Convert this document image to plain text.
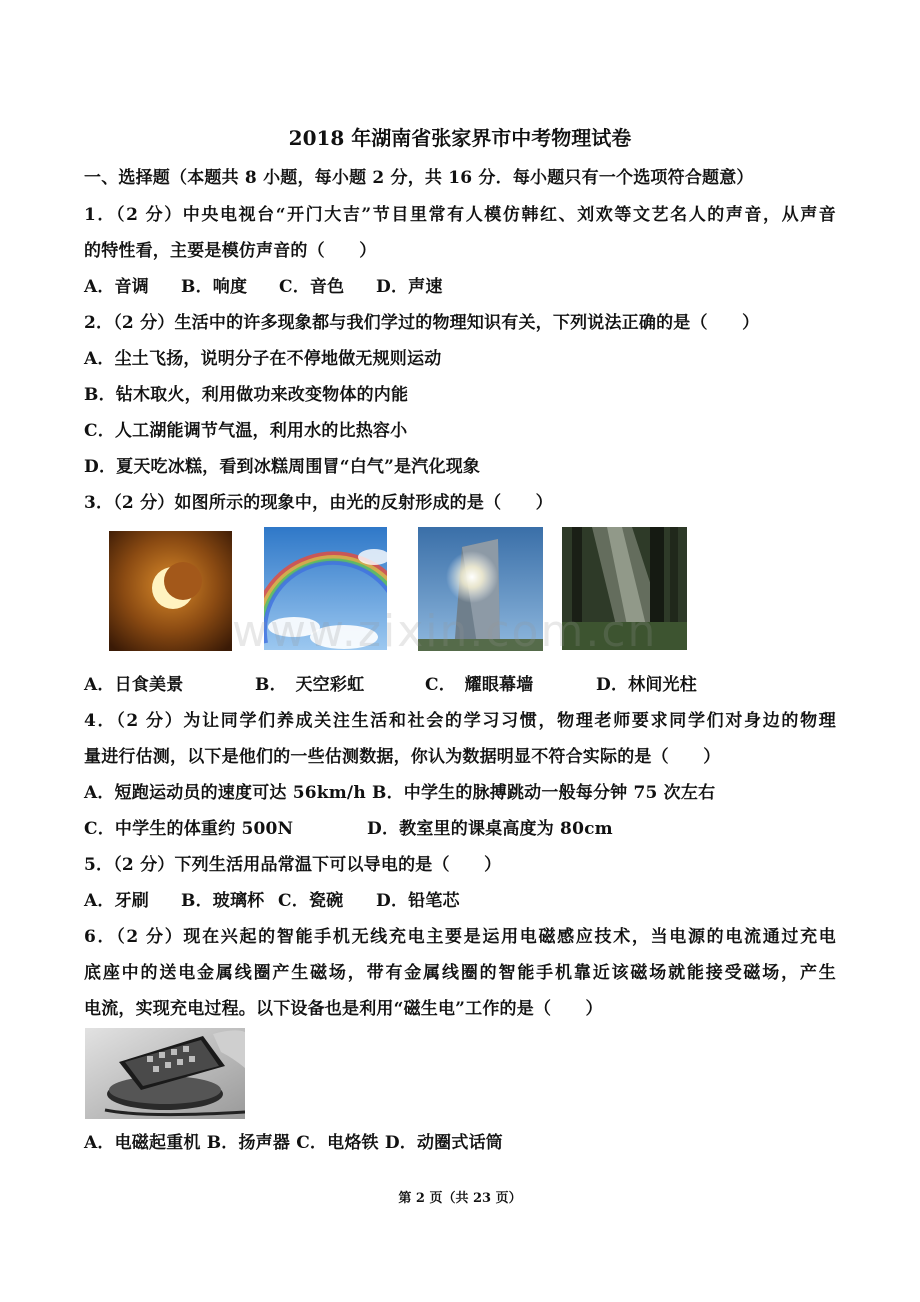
2018 年湖南省张家界市中考物理试卷
一、选择题（本题共 8 小题，每小题 2 分，共 16 分．每小题只有一个选项符合题意）
1．（2 分）中央电视台“开门大吉”节目里常有人模仿韩红、刘欢等文艺名人的声音，从声音
的特性看，主要是模仿声音的（　　）
A．音调 B．响度 C．音色 D．声速
2．（2 分）生活中的许多现象都与我们学过的物理知识有关，下列说法正确的是（　　）
A．尘土飞扬，说明分子在不停地做无规则运动
B．钻木取火，利用做功来改变物体的内能
C．人工湖能调节气温，利用水的比热容小
D．夏天吃冰糕，看到冰糕周围冒“白气”是汽化现象
3．（2 分）如图所示的现象中，由光的反射形成的是（　　）
www.zixin.com.cn
A．日食美景	B．　天空彩虹	C．　耀眼幕墙	D．林间光柱
4．（2 分）为让同学们养成关注生活和社会的学习习惯，物理老师要求同学们对身边的物理
量进行估测，以下是他们的一些估测数据，你认为数据明显不符合实际的是（　　）
A．短跑运动员的速度可达 56km/h B．中学生的脉搏跳动一般每分钟 75 次左右
C．中学生的体重约 500N	D．教室里的课桌高度为 80cm
5．（2 分）下列生活用品常温下可以导电的是（　　）
A．牙刷 B．玻璃杯 C．瓷碗 D．铅笔芯
6．（2 分）现在兴起的智能手机无线充电主要是运用电磁感应技术，当电源的电流通过充电
底座中的送电金属线圈产生磁场，带有金属线圈的智能手机靠近该磁场就能接受磁场，产生
电流，实现充电过程。以下设备也是利用“磁生电”工作的是（　　）
A．电磁起重机 B．扬声器 C．电烙铁 D．动圈式话筒
第 2 页（共 23 页）
